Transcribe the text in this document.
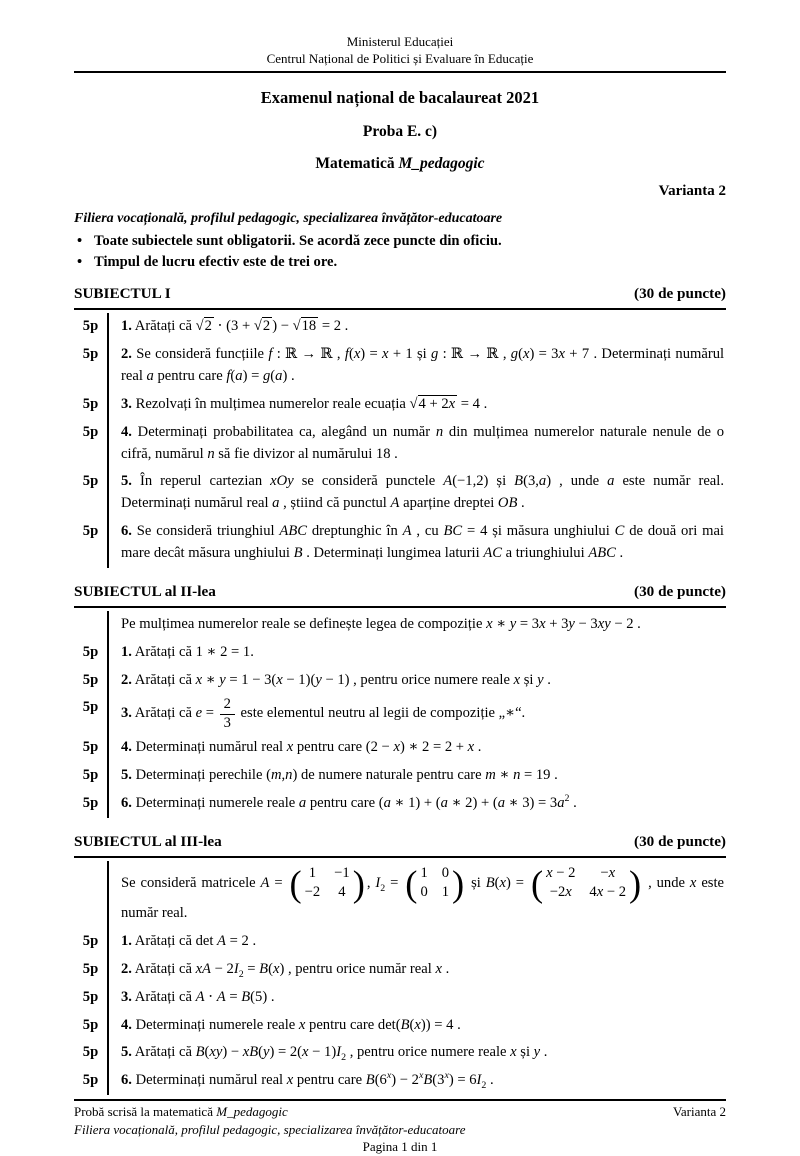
Ministerul Educației
Centrul Național de Politici și Evaluare în Educație
Examenul național de bacalaureat 2021
Proba E. c)
Matematică M_pedagogic
Varianta 2
Filiera vocațională, profilul pedagogic, specializarea învățător-educatoare
• Toate subiectele sunt obligatorii. Se acordă zece puncte din oficiu.
• Timpul de lucru efectiv este de trei ore.
SUBIECTUL I	(30 de puncte)
5p	1. Arătați că √2 ⋅ (3 + √2 ) − √18 = 2 .
5p	2. Se consideră funcțiile f : ℝ → ℝ , f(x) = x + 1 și g : ℝ → ℝ , g(x) = 3x + 7 . Determinați numărul real a pentru care f(a) = g(a) .
5p	3. Rezolvați în mulțimea numerelor reale ecuația √4 + 2x = 4 .
5p	4. Determinați probabilitatea ca, alegând un număr n din mulțimea numerelor naturale nenule de o cifră, numărul n să fie divizor al numărului 18 .
5p	5. În reperul cartezian xOy se consideră punctele A(−1,2) și B(3,a) , unde a este număr real. Determinați numărul real a , știind că punctul A aparține dreptei OB .
5p	6. Se consideră triunghiul ABC dreptunghic în A , cu BC = 4 și măsura unghiului C de două ori mai mare decât măsura unghiului B . Determinați lungimea laturii AC a triunghiului ABC .
SUBIECTUL al II-lea	(30 de puncte)
Pe mulțimea numerelor reale se definește legea de compoziție x ∗ y = 3x + 3y − 3xy − 2 .
5p	1. Arătați că 1 ∗ 2 = 1.
5p	2. Arătați că x ∗ y = 1 − 3(x − 1)(y − 1) , pentru orice numere reale x și y .
5p	3. Arătați că $e = \frac{2}{3}$ este elementul neutru al legii de compoziție „∗“.
5p	4. Determinați numărul real x pentru care (2 − x) ∗ 2 = 2 + x .
5p	5. Determinați perechile (m,n) de numere naturale pentru care m ∗ n = 19 .
5p	6. Determinați numerele reale a pentru care (a ∗ 1) + (a ∗ 2) + (a ∗ $3) = 3a^2$ .
SUBIECTUL al III-lea	(30 de puncte)
Se consideră matricele A = ( 1 −1
−2 4 ) , $I_2$ = ( 1 0
0 1 ) și B(x) = ( x − 2 −x
−2x 4x − 2 ) , unde x este număr real.
5p	1. Arătați că det A = 2 .
5p	2. Arătați că xA − $2I_2 = B(x)$ , pentru orice număr real x .
5p	3. Arătați că A ⋅ A = B(5) .
5p	4. Determinați numerele reale x pentru care det(B(x)) = 4 .
5p	5. Arătați că $B(xy) - xB(y) = 2(x - 1)I_2$ , pentru orice numere reale x și y .
5p	6. Determinați numărul real x pentru care $B(6^x) - 2^xB(3^x) = 6I_2$ .
Probă scrisă la matematică M_pedagogic	Varianta 2
Filiera vocațională, profilul pedagogic, specializarea învățător-educatoare
Pagina 1 din 1
